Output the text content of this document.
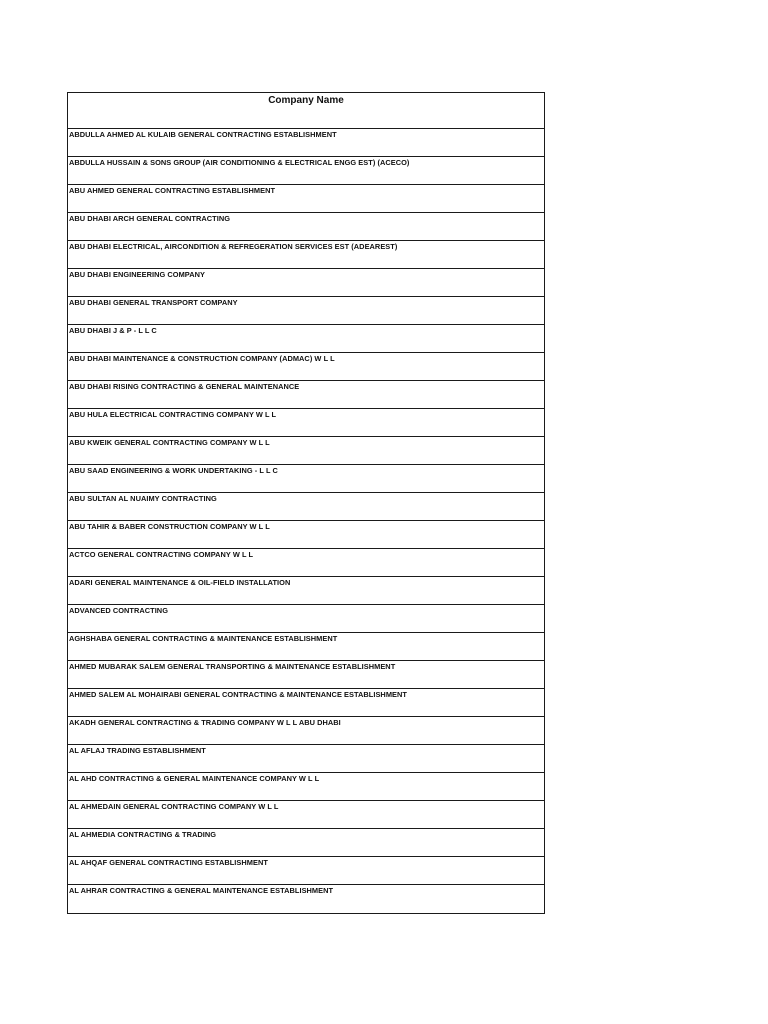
Company Name
ABDULLA AHMED AL KULAIB GENERAL CONTRACTING ESTABLISHMENT
ABDULLA HUSSAIN & SONS GROUP (AIR CONDITIONING & ELECTRICAL ENGG EST) (ACECO)
ABU AHMED GENERAL CONTRACTING ESTABLISHMENT
ABU DHABI ARCH GENERAL CONTRACTING
ABU DHABI ELECTRICAL, AIRCONDITION & REFREGERATION SERVICES EST (ADEAREST)
ABU DHABI ENGINEERING COMPANY
ABU DHABI GENERAL TRANSPORT COMPANY
ABU DHABI J & P - L L C
ABU DHABI MAINTENANCE & CONSTRUCTION COMPANY (ADMAC) W L L
ABU DHABI RISING CONTRACTING & GENERAL MAINTENANCE
ABU HULA ELECTRICAL CONTRACTING COMPANY W L L
ABU KWEIK GENERAL CONTRACTING COMPANY W L L
ABU SAAD ENGINEERING & WORK UNDERTAKING - L L C
ABU SULTAN AL NUAIMY CONTRACTING
ABU TAHIR & BABER CONSTRUCTION COMPANY W L L
ACTCO GENERAL CONTRACTING COMPANY W L L
ADARI GENERAL MAINTENANCE & OIL-FIELD INSTALLATION
ADVANCED CONTRACTING
AGHSHABA GENERAL CONTRACTING & MAINTENANCE ESTABLISHMENT
AHMED MUBARAK SALEM GENERAL TRANSPORTING & MAINTENANCE ESTABLISHMENT
AHMED SALEM AL MOHAIRABI GENERAL CONTRACTING & MAINTENANCE ESTABLISHMENT
AKADH GENERAL CONTRACTING & TRADING COMPANY W L L ABU DHABI
AL AFLAJ TRADING ESTABLISHMENT
AL AHD CONTRACTING & GENERAL MAINTENANCE COMPANY W L L
AL AHMEDAIN GENERAL CONTRACTING COMPANY W L L
AL AHMEDIA CONTRACTING & TRADING
AL AHQAF GENERAL CONTRACTING ESTABLISHMENT
AL AHRAR CONTRACTING & GENERAL MAINTENANCE ESTABLISHMENT
